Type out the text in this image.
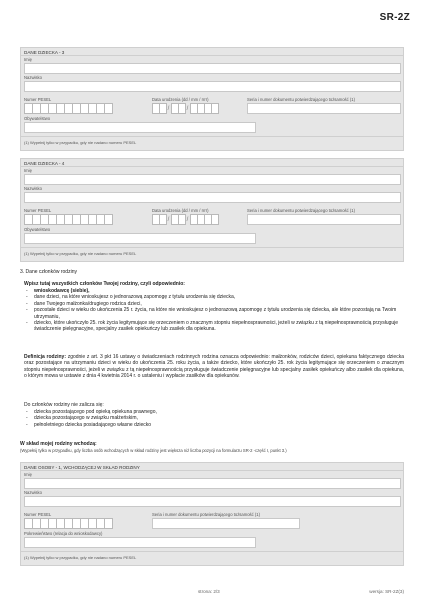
SR-2Z
DANE DZIECKA - 3
Imię
Nazwisko
Numer PESEL	Data urodzenia (dd / mm / rrrr)
/	/
Seria i numer dokumentu potwierdzającego tożsamość (1)
Obywatelstwo
(1) Wypełnij tylko w przypadku, gdy nie nadano numeru PESEL
DANE DZIECKA - 4
Imię
Nazwisko
Numer PESEL	Data urodzenia (dd / mm / rrrr)
/	/
Seria i numer dokumentu potwierdzającego tożsamość (1)
Obywatelstwo
(1) Wypełnij tylko w przypadku, gdy nie nadano numeru PESEL
3. Dane członków rodziny
Wpisz tutaj wszystkich członków Twojej rodziny, czyli odpowiednio:
- wnioskodawcę (siebie),
- dane dzieci, na które wnioskujesz o jednorazową zapomogę z tytułu urodzenia się dziecka,
- dane Twojego małżonka/drugiego rodzica dzieci,
- pozostałe dzieci w wieku do ukończenia 25 r. życia, na które nie wnioskujesz o jednorazową zapomogę z tytułu urodzenia się dziecka, ale które pozostają na Twoim utrzymaniu,
- dziecko, które ukończyło 25. rok życia legitymujące się orzeczeniem o znacznym stopniu niepełnosprawności, jeżeli w związku z tą niepełnosprawnością przysługuje świadczenie pielęgnacyjne, specjalny zasiłek opiekuńczy lub zasiłek dla opiekuna.
Definicja rodziny: zgodnie z art. 3 pkt 16 ustawy o świadczeniach rodzinnych rodzina oznacza odpowiednio: małżonków, rodziców dzieci, opiekuna faktycznego dziecka oraz pozostające na utrzymaniu dzieci w wieku do ukończenia 25. roku życia, a także dziecko, które ukończyło 25. rok życia legitymujące się orzeczeniem o znacznym stopniu niepełnosprawności, jeżeli w związku z tą niepełnosprawnością przysługuje świadczenie pielęgnacyjne lub specjalny zasiłek opiekuńczy albo zasiłek dla opiekuna, o którym mowa w ustawie z dnia 4 kwietnia 2014 r. o ustaleniu i wypłacie zasiłków dla opiekunów.
Do członków rodziny nie zalicza się:
- dziecka pozostającego pod opieką opiekuna prawnego,
- dziecka pozostającego w związku małżeńskim,
- pełnoletniego dziecka posiadającego własne dziecko
W skład mojej rodziny wchodzą:
(Wypełnij tylko w przypadku, gdy liczba osób wchodzących w skład rodziny jest większa niż liczba pozycji na formularzu SR-2 -część I, punkt 3.)
DANE OSOBY - 1, WCHODZĄCEJ W SKŁAD RODZINY
Imię
Nazwisko
Numer PESEL	Seria i numer dokumentu potwierdzającego tożsamość (1)
Pokrewieństwo (relacja do wnioskodawcy)
(1) Wypełnij tylko w przypadku, gdy nie nadano numeru PESEL
strona: 2/3	wersja: SR-2Z(3)
